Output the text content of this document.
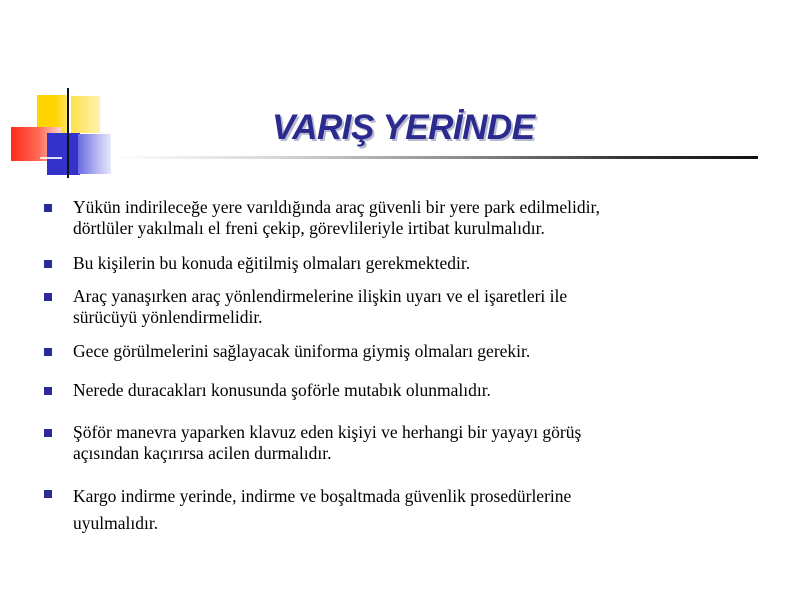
VARIŞ YERİNDE
Yükün indirileceğe yere varıldığında araç güvenli bir yere park edilmelidir,
dörtlüler yakılmalı el freni çekip, görevlileriyle irtibat kurulmalıdır.
Bu kişilerin bu konuda eğitilmiş olmaları gerekmektedir.
Araç yanaşırken araç yönlendirmelerine ilişkin uyarı ve el işaretleri ile
sürücüyü yönlendirmelidir.
Gece görülmelerini sağlayacak üniforma giymiş olmaları gerekir.
Nerede duracakları konusunda şoförle mutabık olunmalıdır.
Şöför manevra yaparken klavuz eden kişiyi ve herhangi bir yayayı görüş
açısından kaçırırsa acilen durmalıdır.
Kargo indirme yerinde, indirme ve boşaltmada güvenlik prosedürlerine
uyulmalıdır.
